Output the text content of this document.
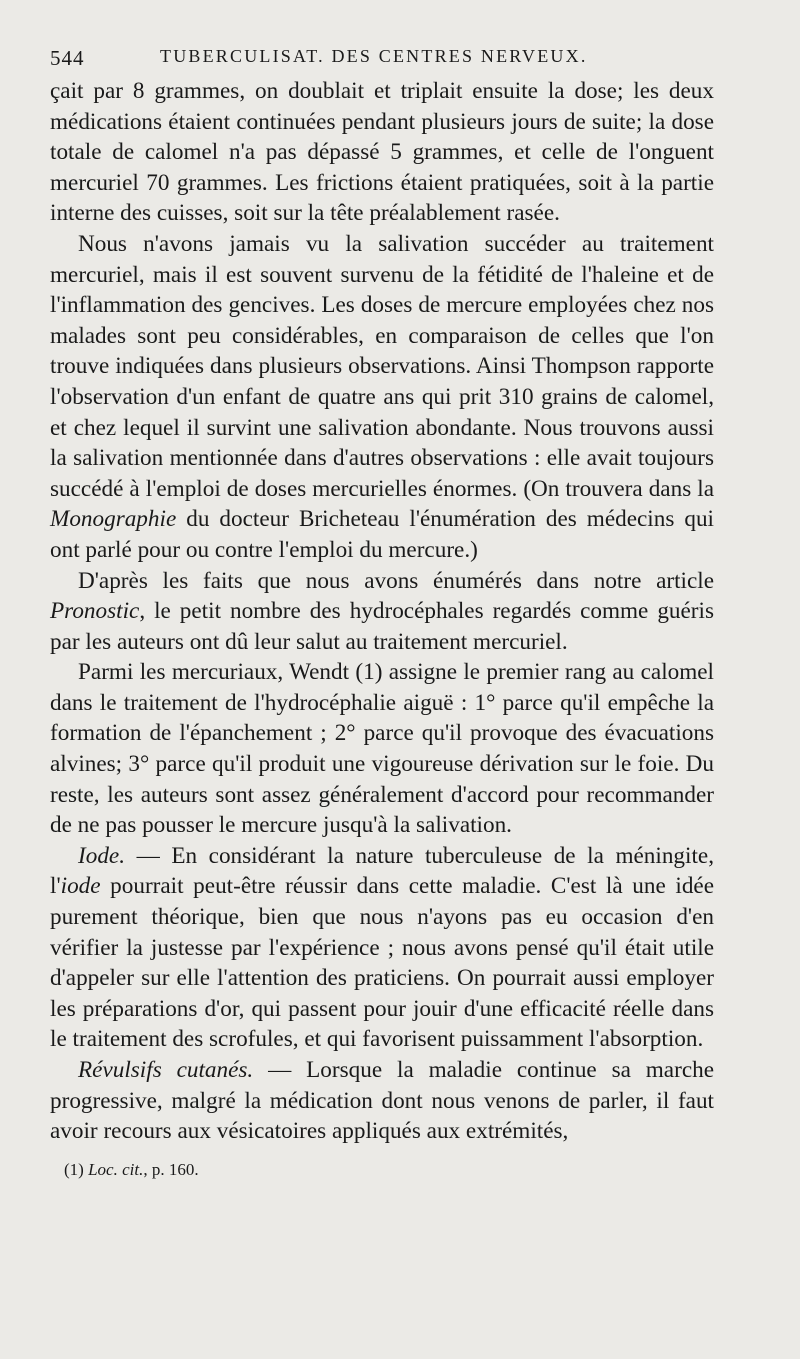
544	TUBERCULISAT. DES CENTRES NERVEUX.

çait par 8 grammes, on doublait et triplait ensuite la dose; les deux médications étaient continuées pendant plusieurs jours de suite; la dose totale de calomel n'a pas dépassé 5 grammes, et celle de l'onguent mercuriel 70 grammes. Les frictions étaient pratiquées, soit à la partie interne des cuisses, soit sur la tête préalablement rasée.

Nous n'avons jamais vu la salivation succéder au traitement mercuriel, mais il est souvent survenu de la fétidité de l'haleine et de l'inflammation des gencives. Les doses de mercure employées chez nos malades sont peu considérables, en comparaison de celles que l'on trouve indiquées dans plusieurs observations. Ainsi Thompson rapporte l'observation d'un enfant de quatre ans qui prit 310 grains de calomel, et chez lequel il survint une salivation abondante. Nous trouvons aussi la salivation mentionnée dans d'autres observations : elle avait toujours succédé à l'emploi de doses mercurielles énormes. (On trouvera dans la Monographie du docteur Bricheteau l'énumération des médecins qui ont parlé pour ou contre l'emploi du mercure.)

D'après les faits que nous avons énumérés dans notre article Pronostic, le petit nombre des hydrocéphales regardés comme guéris par les auteurs ont dû leur salut au traitement mercuriel.

Parmi les mercuriaux, Wendt (1) assigne le premier rang au calomel dans le traitement de l'hydrocéphalie aiguë : 1° parce qu'il empêche la formation de l'épanchement ; 2° parce qu'il provoque des évacuations alvines; 3° parce qu'il produit une vigoureuse dérivation sur le foie. Du reste, les auteurs sont assez généralement d'accord pour recommander de ne pas pousser le mercure jusqu'à la salivation.

Iode. — En considérant la nature tuberculeuse de la méningite, l'iode pourrait peut-être réussir dans cette maladie. C'est là une idée purement théorique, bien que nous n'ayons pas eu occasion d'en vérifier la justesse par l'expérience ; nous avons pensé qu'il était utile d'appeler sur elle l'attention des praticiens. On pourrait aussi employer les préparations d'or, qui passent pour jouir d'une efficacité réelle dans le traitement des scrofules, et qui favorisent puissamment l'absorption.

Révulsifs cutanés. — Lorsque la maladie continue sa marche progressive, malgré la médication dont nous venons de parler, il faut avoir recours aux vésicatoires appliqués aux extrémités,

(1) Loc. cit., p. 160.
